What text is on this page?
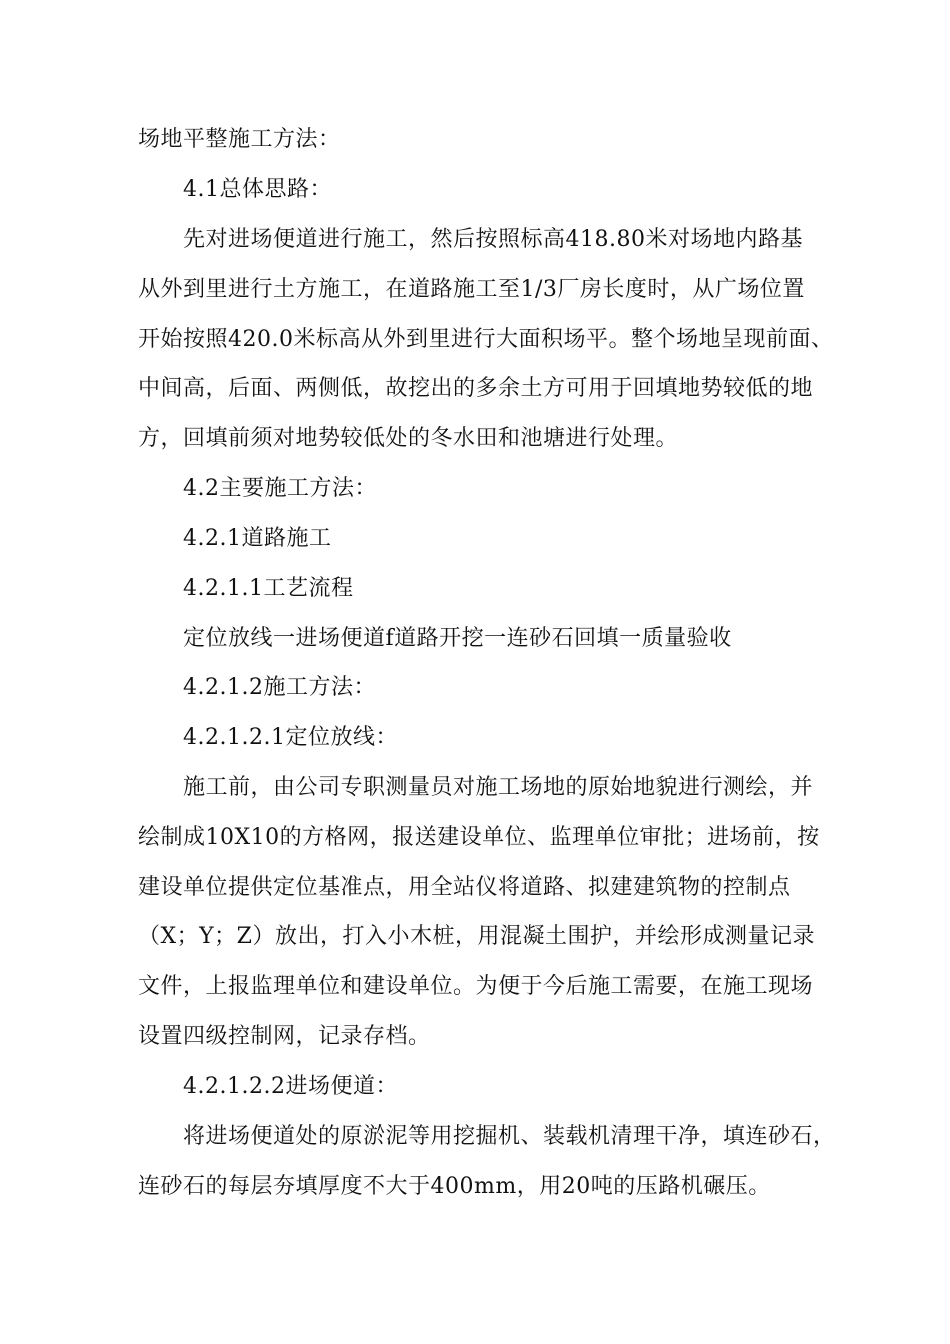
场地平整施工方法：
4.1总体思路：
先对进场便道进行施工，然后按照标高418.80米对场地内路基
从外到里进行土方施工，在道路施工至1/3厂房长度时，从广场位置
开始按照420.0米标高从外到里进行大面积场平。整个场地呈现前面、
中间高，后面、两侧低，故挖出的多余土方可用于回填地势较低的地
方，回填前须对地势较低处的冬水田和池塘进行处理。
4.2主要施工方法：
4.2.1道路施工
4.2.1.1工艺流程
定位放线一进场便道f道路开挖一连砂石回填一质量验收
4.2.1.2施工方法：
4.2.1.2.1定位放线：
施工前，由公司专职测量员对施工场地的原始地貌进行测绘，并
绘制成10X10的方格网，报送建设单位、监理单位审批；进场前，按
建设单位提供定位基准点，用全站仪将道路、拟建建筑物的控制点
（X；Y；Z）放出，打入小木桩，用混凝土围护，并绘形成测量记录
文件，上报监理单位和建设单位。为便于今后施工需要，在施工现场
设置四级控制网，记录存档。
4.2.1.2.2进场便道：
将进场便道处的原淤泥等用挖掘机、装载机清理干净，填连砂石，
连砂石的每层夯填厚度不大于400mm，用20吨的压路机碾压。
